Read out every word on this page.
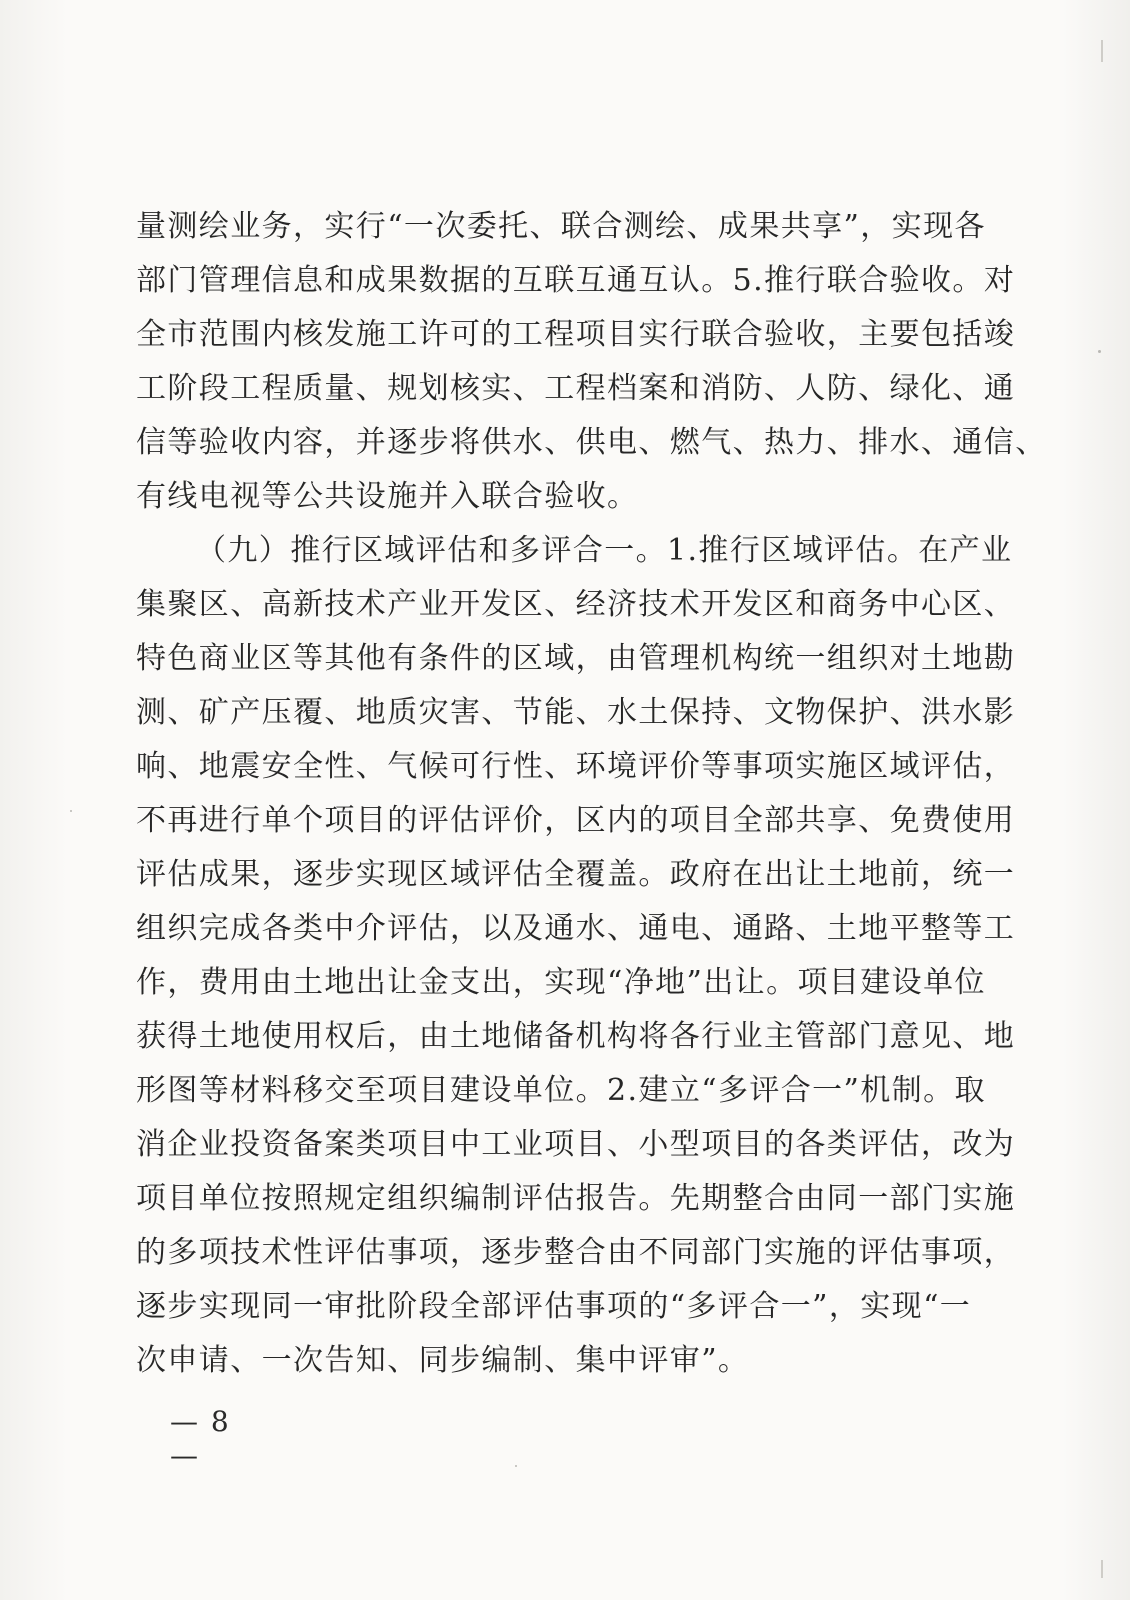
量测绘业务，实行“一次委托、联合测绘、成果共享”，实现各
部门管理信息和成果数据的互联互通互认。5.推行联合验收。对
全市范围内核发施工许可的工程项目实行联合验收，主要包括竣
工阶段工程质量、规划核实、工程档案和消防、人防、绿化、通
信等验收内容，并逐步将供水、供电、燃气、热力、排水、通信、
有线电视等公共设施并入联合验收。
（九）推行区域评估和多评合一。1.推行区域评估。在产业
集聚区、高新技术产业开发区、经济技术开发区和商务中心区、
特色商业区等其他有条件的区域，由管理机构统一组织对土地勘
测、矿产压覆、地质灾害、节能、水土保持、文物保护、洪水影
响、地震安全性、气候可行性、环境评价等事项实施区域评估，
不再进行单个项目的评估评价，区内的项目全部共享、免费使用
评估成果，逐步实现区域评估全覆盖。政府在出让土地前，统一
组织完成各类中介评估，以及通水、通电、通路、土地平整等工
作，费用由土地出让金支出，实现“净地”出让。项目建设单位
获得土地使用权后，由土地储备机构将各行业主管部门意见、地
形图等材料移交至项目建设单位。2.建立“多评合一”机制。取
消企业投资备案类项目中工业项目、小型项目的各类评估，改为
项目单位按照规定组织编制评估报告。先期整合由同一部门实施
的多项技术性评估事项，逐步整合由不同部门实施的评估事项，
逐步实现同一审批阶段全部评估事项的“多评合一”，实现“一
次申请、一次告知、同步编制、集中评审”。
— 8 —
